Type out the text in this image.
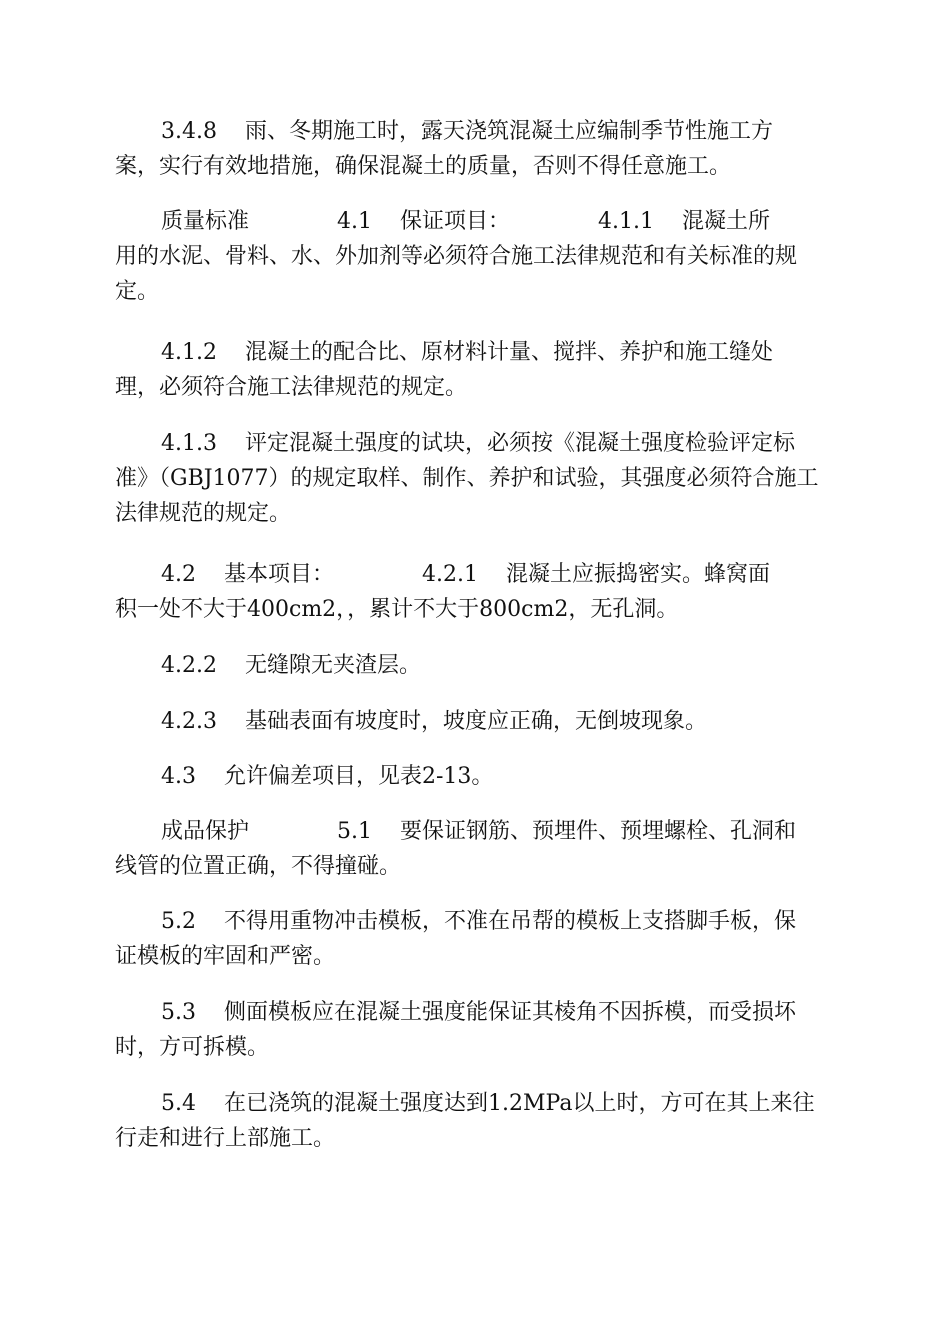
3.4.8 雨、冬期施工时，露天浇筑混凝土应编制季节性施工方
案，实行有效地措施，确保混凝土的质量，否则不得任意施工。

质量标准	4.1 保证项目：	4.1.1 混凝土所
用的水泥、骨料、水、外加剂等必须符合施工法律规范和有关标准的规
定。

4.1.2 混凝土的配合比、原材料计量、搅拌、养护和施工缝处
理，必须符合施工法律规范的规定。

4.1.3 评定混凝土强度的试块，必须按《混凝土强度检验评定标
准》（GBJ1077）的规定取样、制作、养护和试验，其强度必须符合施工
法律规范的规定。

4.2 基本项目：	4.2.1 混凝土应振捣密实。蜂窝面
积一处不大于400cm2，，累计不大于800cm2，无孔洞。

4.2.2 无缝隙无夹渣层。

4.2.3 基础表面有坡度时，坡度应正确，无倒坡现象。

4.3 允许偏差项目，见表2-13。

成品保护	5.1 要保证钢筋、预埋件、预埋螺栓、孔洞和
线管的位置正确，不得撞碰。

5.2 不得用重物冲击模板，不准在吊帮的模板上支搭脚手板，保
证模板的牢固和严密。

5.3 侧面模板应在混凝土强度能保证其棱角不因拆模，而受损坏
时，方可拆模。

5.4 在已浇筑的混凝土强度达到1.2MPa以上时，方可在其上来往
行走和进行上部施工。
